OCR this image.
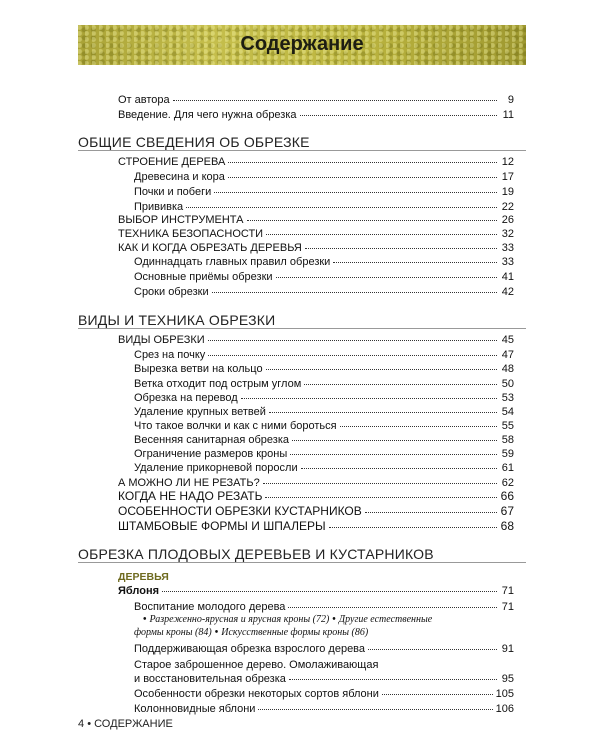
Содержание
От автора	9
Введение. Для чего нужна обрезка	11
ОБЩИЕ СВЕДЕНИЯ ОБ ОБРЕЗКЕ
СТРОЕНИЕ ДЕРЕВА	12
Древесина и кора	17
Почки и побеги	19
Прививка	22
ВЫБОР ИНСТРУМЕНТА	26
ТЕХНИКА БЕЗОПАСНОСТИ	32
КАК И КОГДА ОБРЕЗАТЬ ДЕРЕВЬЯ	33
Одиннадцать главных правил обрезки	33
Основные приёмы обрезки	41
Сроки обрезки	42
ВИДЫ И ТЕХНИКА ОБРЕЗКИ
ВИДЫ ОБРЕЗКИ	45
Срез на почку	47
Вырезка ветви на кольцо	48
Ветка отходит под острым углом	50
Обрезка на перевод	53
Удаление крупных ветвей	54
Что такое волчки и как с ними бороться	55
Весенняя санитарная обрезка	58
Ограничение размеров кроны	59
Удаление прикорневой поросли	61
А МОЖНО ЛИ НЕ РЕЗАТЬ?	62
КОГДА НЕ НАДО РЕЗАТЬ	66
ОСОБЕННОСТИ ОБРЕЗКИ КУСТАРНИКОВ	67
ШТАМБОВЫЕ ФОРМЫ И ШПАЛЕРЫ	68
ОБРЕЗКА ПЛОДОВЫХ ДЕРЕВЬЕВ И КУСТАРНИКОВ
ДЕРЕВЬЯ
Яблоня	71
Воспитание молодого дерева	71
• Разреженно-ярусная и ярусная кроны (72) • Другие естественные
формы кроны (84) • Искусственные формы кроны (86)
Поддерживающая обрезка взрослого дерева	91
Старое заброшенное дерево. Омолаживающая
и восстановительная обрезка	95
Особенности обрезки некоторых сортов яблони	105
Колонновидные яблони	106
4 • СОДЕРЖАНИЕ
